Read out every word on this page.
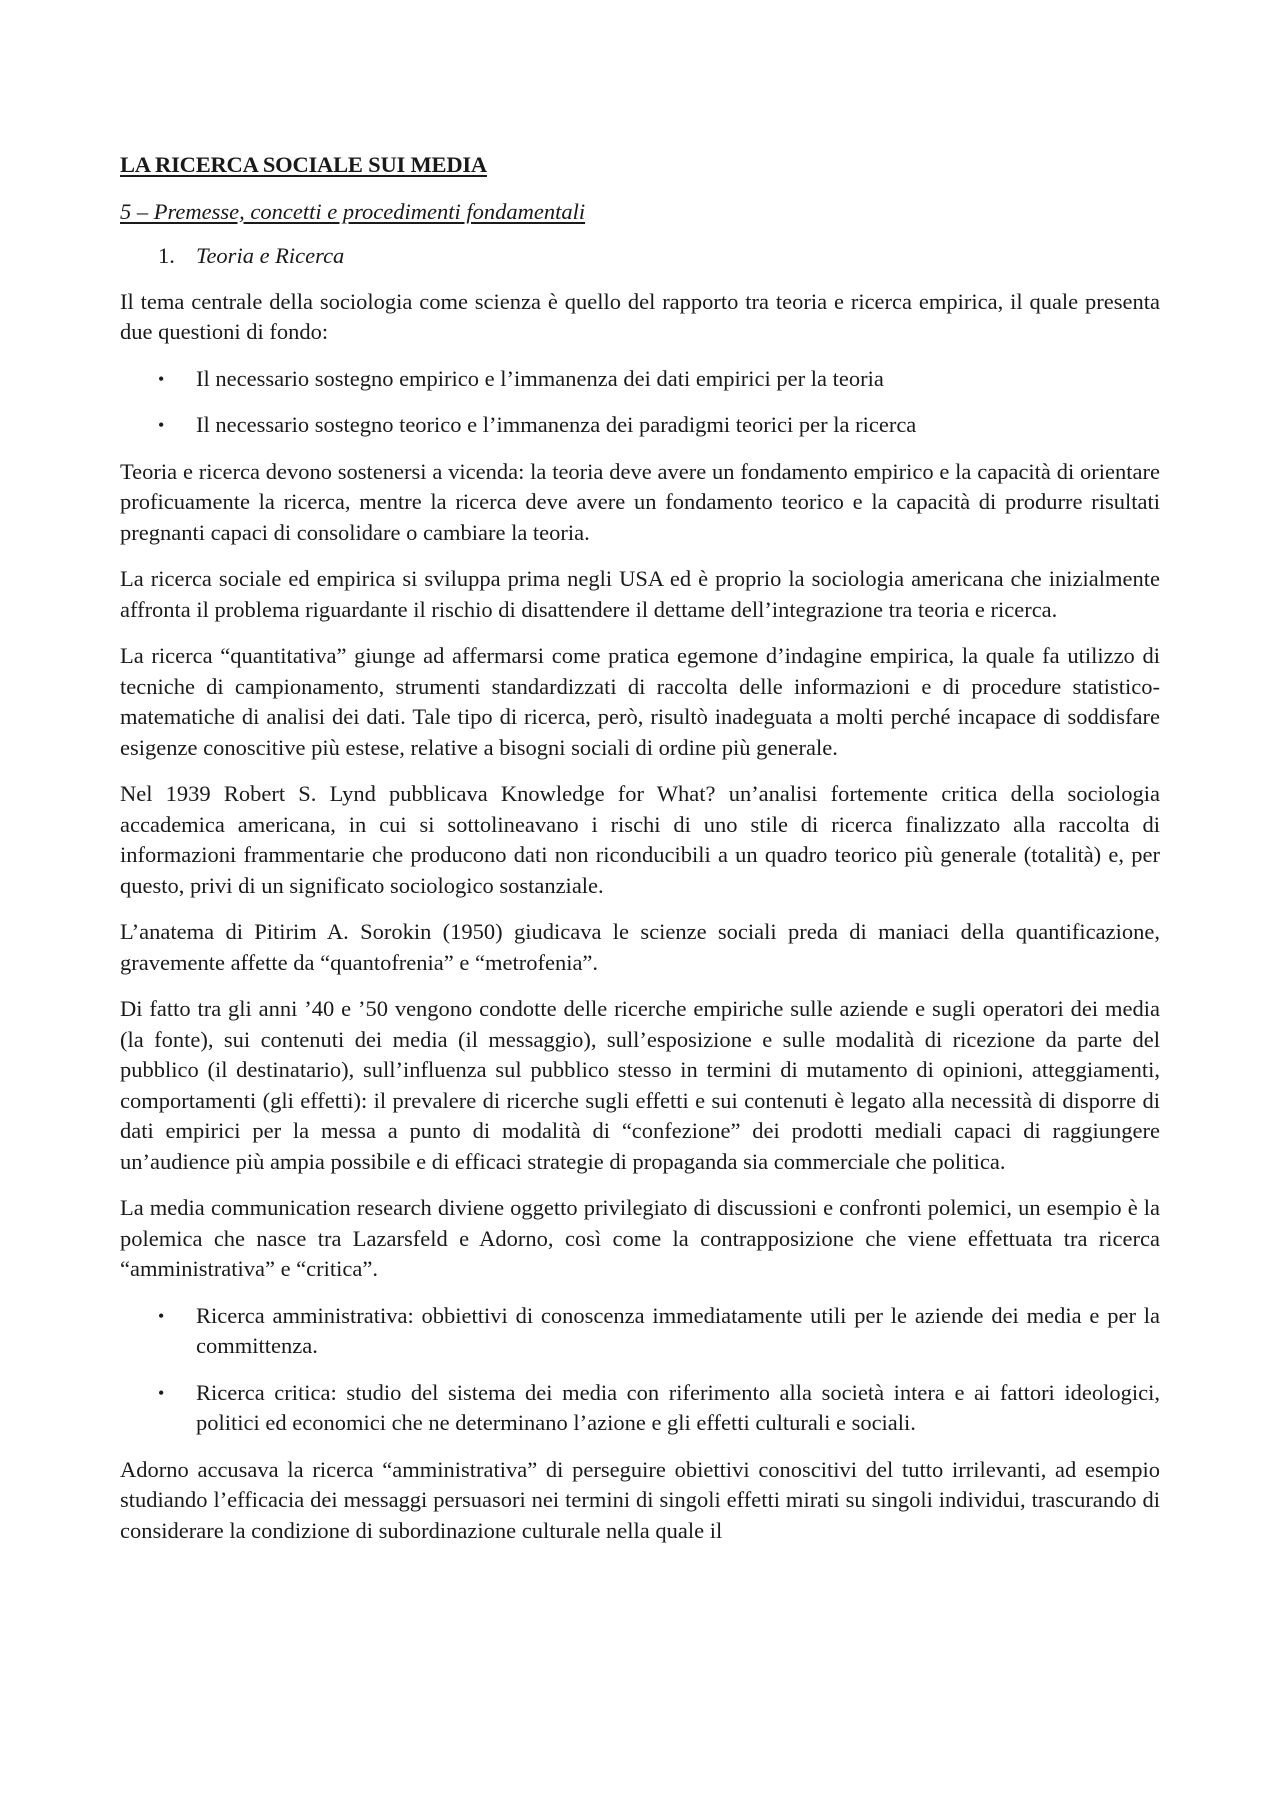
LA RICERCA SOCIALE SUI MEDIA
5 – Premesse, concetti e procedimenti fondamentali
1. Teoria e Ricerca

Il tema centrale della sociologia come scienza è quello del rapporto tra teoria e ricerca empirica, il quale presenta due questioni di fondo:

•	Il necessario sostegno empirico e l’immanenza dei dati empirici per la teoria
•	Il necessario sostegno teorico e l’immanenza dei paradigmi teorici per la ricerca

Teoria e ricerca devono sostenersi a vicenda: la teoria deve avere un fondamento empirico e la capacità di orientare proficuamente la ricerca, mentre la ricerca deve avere un fondamento teorico e la capacità di produrre risultati pregnanti capaci di consolidare o cambiare la teoria.

La ricerca sociale ed empirica si sviluppa prima negli USA ed è proprio la sociologia americana che inizialmente affronta il problema riguardante il rischio di disattendere il dettame dell’integrazione tra teoria e ricerca.

La ricerca “quantitativa” giunge ad affermarsi come pratica egemone d’indagine empirica, la quale fa utilizzo di tecniche di campionamento, strumenti standardizzati di raccolta delle informazioni e di procedure statistico-matematiche di analisi dei dati. Tale tipo di ricerca, però, risultò inadeguata a molti perché incapace di soddisfare esigenze conoscitive più estese, relative a bisogni sociali di ordine più generale.

Nel 1939 Robert S. Lynd pubblicava Knowledge for What? un’analisi fortemente critica della sociologia accademica americana, in cui si sottolineavano i rischi di uno stile di ricerca finalizzato alla raccolta di informazioni frammentarie che producono dati non riconducibili a un quadro teorico più generale (totalità) e, per questo, privi di un significato sociologico sostanziale.

L’anatema di Pitirim A. Sorokin (1950) giudicava le scienze sociali preda di maniaci della quantificazione, gravemente affette da “quantofrenia” e “metrofenia”.

Di fatto tra gli anni ’40 e ’50 vengono condotte delle ricerche empiriche sulle aziende e sugli operatori dei media (la fonte), sui contenuti dei media (il messaggio), sull’esposizione e sulle modalità di ricezione da parte del pubblico (il destinatario), sull’influenza sul pubblico stesso in termini di mutamento di opinioni, atteggiamenti, comportamenti (gli effetti): il prevalere di ricerche sugli effetti e sui contenuti è legato alla necessità di disporre di dati empirici per la messa a punto di modalità di “confezione” dei prodotti mediali capaci di raggiungere un’audience più ampia possibile e di efficaci strategie di propaganda sia commerciale che politica.

La media communication research diviene oggetto privilegiato di discussioni e confronti polemici, un esempio è la polemica che nasce tra Lazarsfeld e Adorno, così come la contrapposizione che viene effettuata tra ricerca “amministrativa” e “critica”.

•	Ricerca amministrativa: obbiettivi di conoscenza immediatamente utili per le aziende dei media e per la committenza.
•	Ricerca critica: studio del sistema dei media con riferimento alla società intera e ai fattori ideologici, politici ed economici che ne determinano l’azione e gli effetti culturali e sociali.

Adorno accusava la ricerca “amministrativa” di perseguire obiettivi conoscitivi del tutto irrilevanti, ad esempio studiando l’efficacia dei messaggi persuasori nei termini di singoli effetti mirati su singoli individui, trascurando di considerare la condizione di subordinazione culturale nella quale il
